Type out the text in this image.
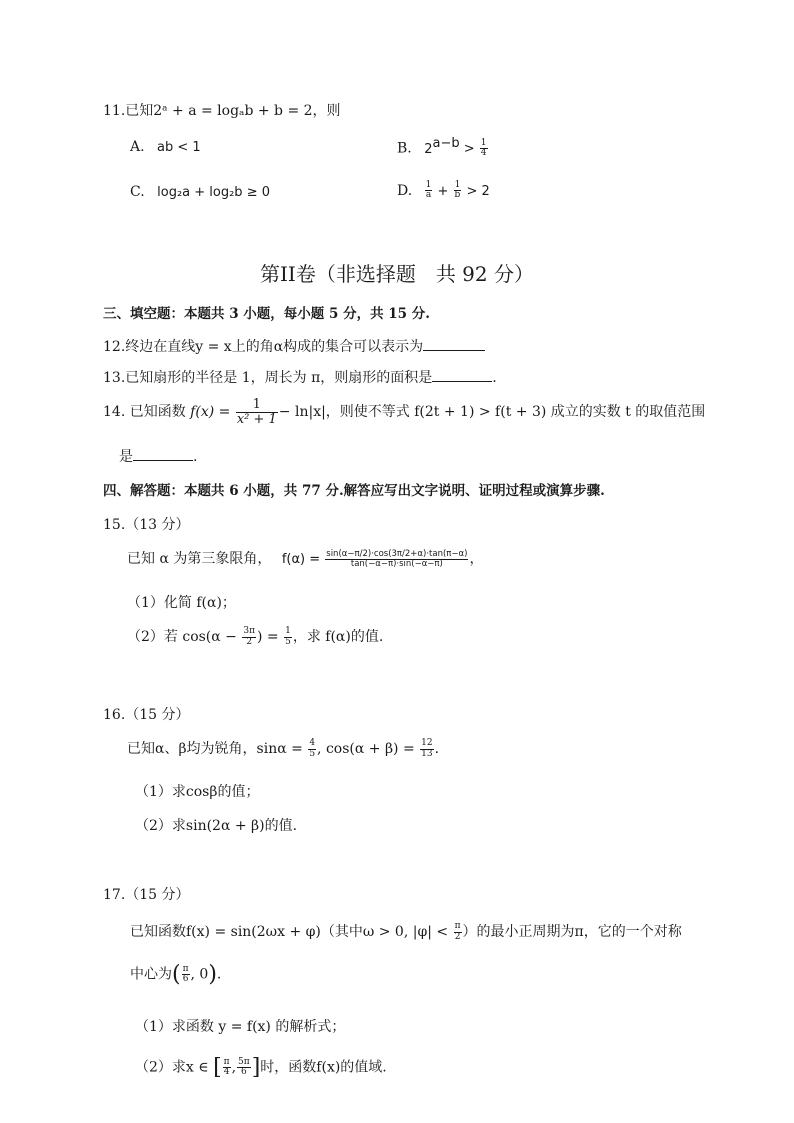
11.已知2ᵃ + a = logₐb + b = 2，则
A. ab < 1	B. $2^{a-b} > \frac{1}{4}$
C. log₂a + log₂b ≥ 0	D. $\frac{1}{a} + \frac{1}{b} > 2$
第II卷（非选择题　共 92 分）
三、填空题：本题共 3 小题，每小题 5 分，共 15 分.
12.终边在直线y = x上的角α构成的集合可以表示为
13.已知扇形的半径是 1，周长为 π，则扇形的面积是	.
14. 已知函数 $f(x) = \frac{1}{\text{x² + 1}} - \ln|x|$，则使不等式 f(2t + 1) > f(t + 3) 成立的实数 t 的取值范围
是	.
四、解答题：本题共 6 小题，共 77 分.解答应写出文字说明、证明过程或演算步骤.
15.（13 分）
已知 α 为第三象限角， $f(\alpha) = \frac{\sin(\alpha-\pi/2)\cdot\cos(3\pi/2+\alpha)\cdot\tan(\pi-\alpha)}{\tan(-\alpha-\pi)\cdot\sin(-\alpha-\pi)}$ ，
（1）化简 f(α)；
（2）若 $\cos(\alpha - \frac{3\pi}{2}$ ) = $\frac{1}{5}$ ，求 f(α)的值.
16.（15 分）
已知α、β均为锐角，$\sin\alpha = \frac{4}{5}$ , $\cos(\alpha + \beta) = \frac{12}{13}$ .
（1）求cosβ的值；
（2）求sin(2α + β)的值.
17.（15 分）
已知函数f(x) = sin(2ωx + φ)（其中ω > 0, $|\varphi| < \frac{\pi}{2}$ ）的最小正周期为π，它的一个对称
中心为( $\frac{\pi}{6}$ , 0).
（1）求函数 y = f(x) 的解析式；
（2）求x ∈ [ $\frac{\pi}{4}$ , $\frac{5\pi}{6}$ ]时，函数f(x)的值域.
